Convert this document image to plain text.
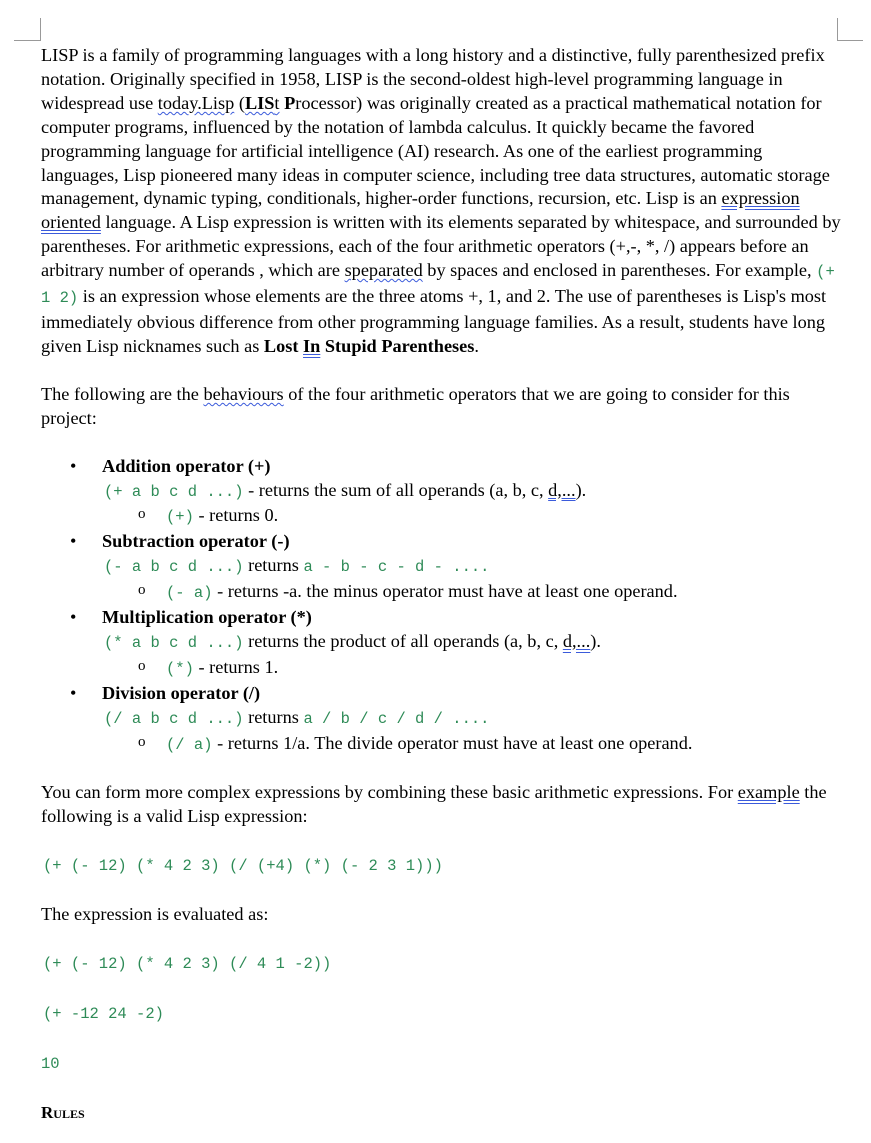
LISP is a family of programming languages with a long history and a distinctive, fully parenthesized prefix notation. Originally specified in 1958, LISP is the second-oldest high-level programming language in widespread use today.Lisp (LISt Processor) was originally created as a practical mathematical notation for computer programs, influenced by the notation of lambda calculus. It quickly became the favored programming language for artificial intelligence (AI) research. As one of the earliest programming languages, Lisp pioneered many ideas in computer science, including tree data structures, automatic storage management, dynamic typing, conditionals, higher-order functions, recursion, etc. Lisp is an expression oriented language. A Lisp expression is written with its elements separated by whitespace, and surrounded by parentheses. For arithmetic expressions, each of the four arithmetic operators (+,-, *, /) appears before an arbitrary number of operands , which are speparated by spaces and enclosed in parentheses. For example, (+ 1 2) is an expression whose elements are the three atoms +, 1, and 2. The use of parentheses is Lisp's most immediately obvious difference from other programming language families. As a result, students have long given Lisp nicknames such as Lost In Stupid Parentheses.

The following are the behaviours of the four arithmetic operators that we are going to consider for this project:

• Addition operator (+)
(+ a b c d ...) - returns the sum of all operands (a, b, c, d,...).
o (+) - returns 0.
• Subtraction operator (-)
(- a b c d ...) returns a - b - c - d - ....
o (- a) - returns -a. the minus operator must have at least one operand.
• Multiplication operator (*)
(* a b c d ...) returns the product of all operands (a, b, c, d,...).
o (*) - returns 1.
• Division operator (/)
(/ a b c d ...) returns a / b / c / d / ....
o (/ a) - returns 1/a. The divide operator must have at least one operand.

You can form more complex expressions by combining these basic arithmetic expressions. For example the following is a valid Lisp expression:

(+ (- 12) (* 4 2 3) (/ (+4) (*) (- 2 3 1)))

The expression is evaluated as:

(+ (- 12) (* 4 2 3) (/ 4 1 -2))

(+ -12 24 -2)

10

Rules
